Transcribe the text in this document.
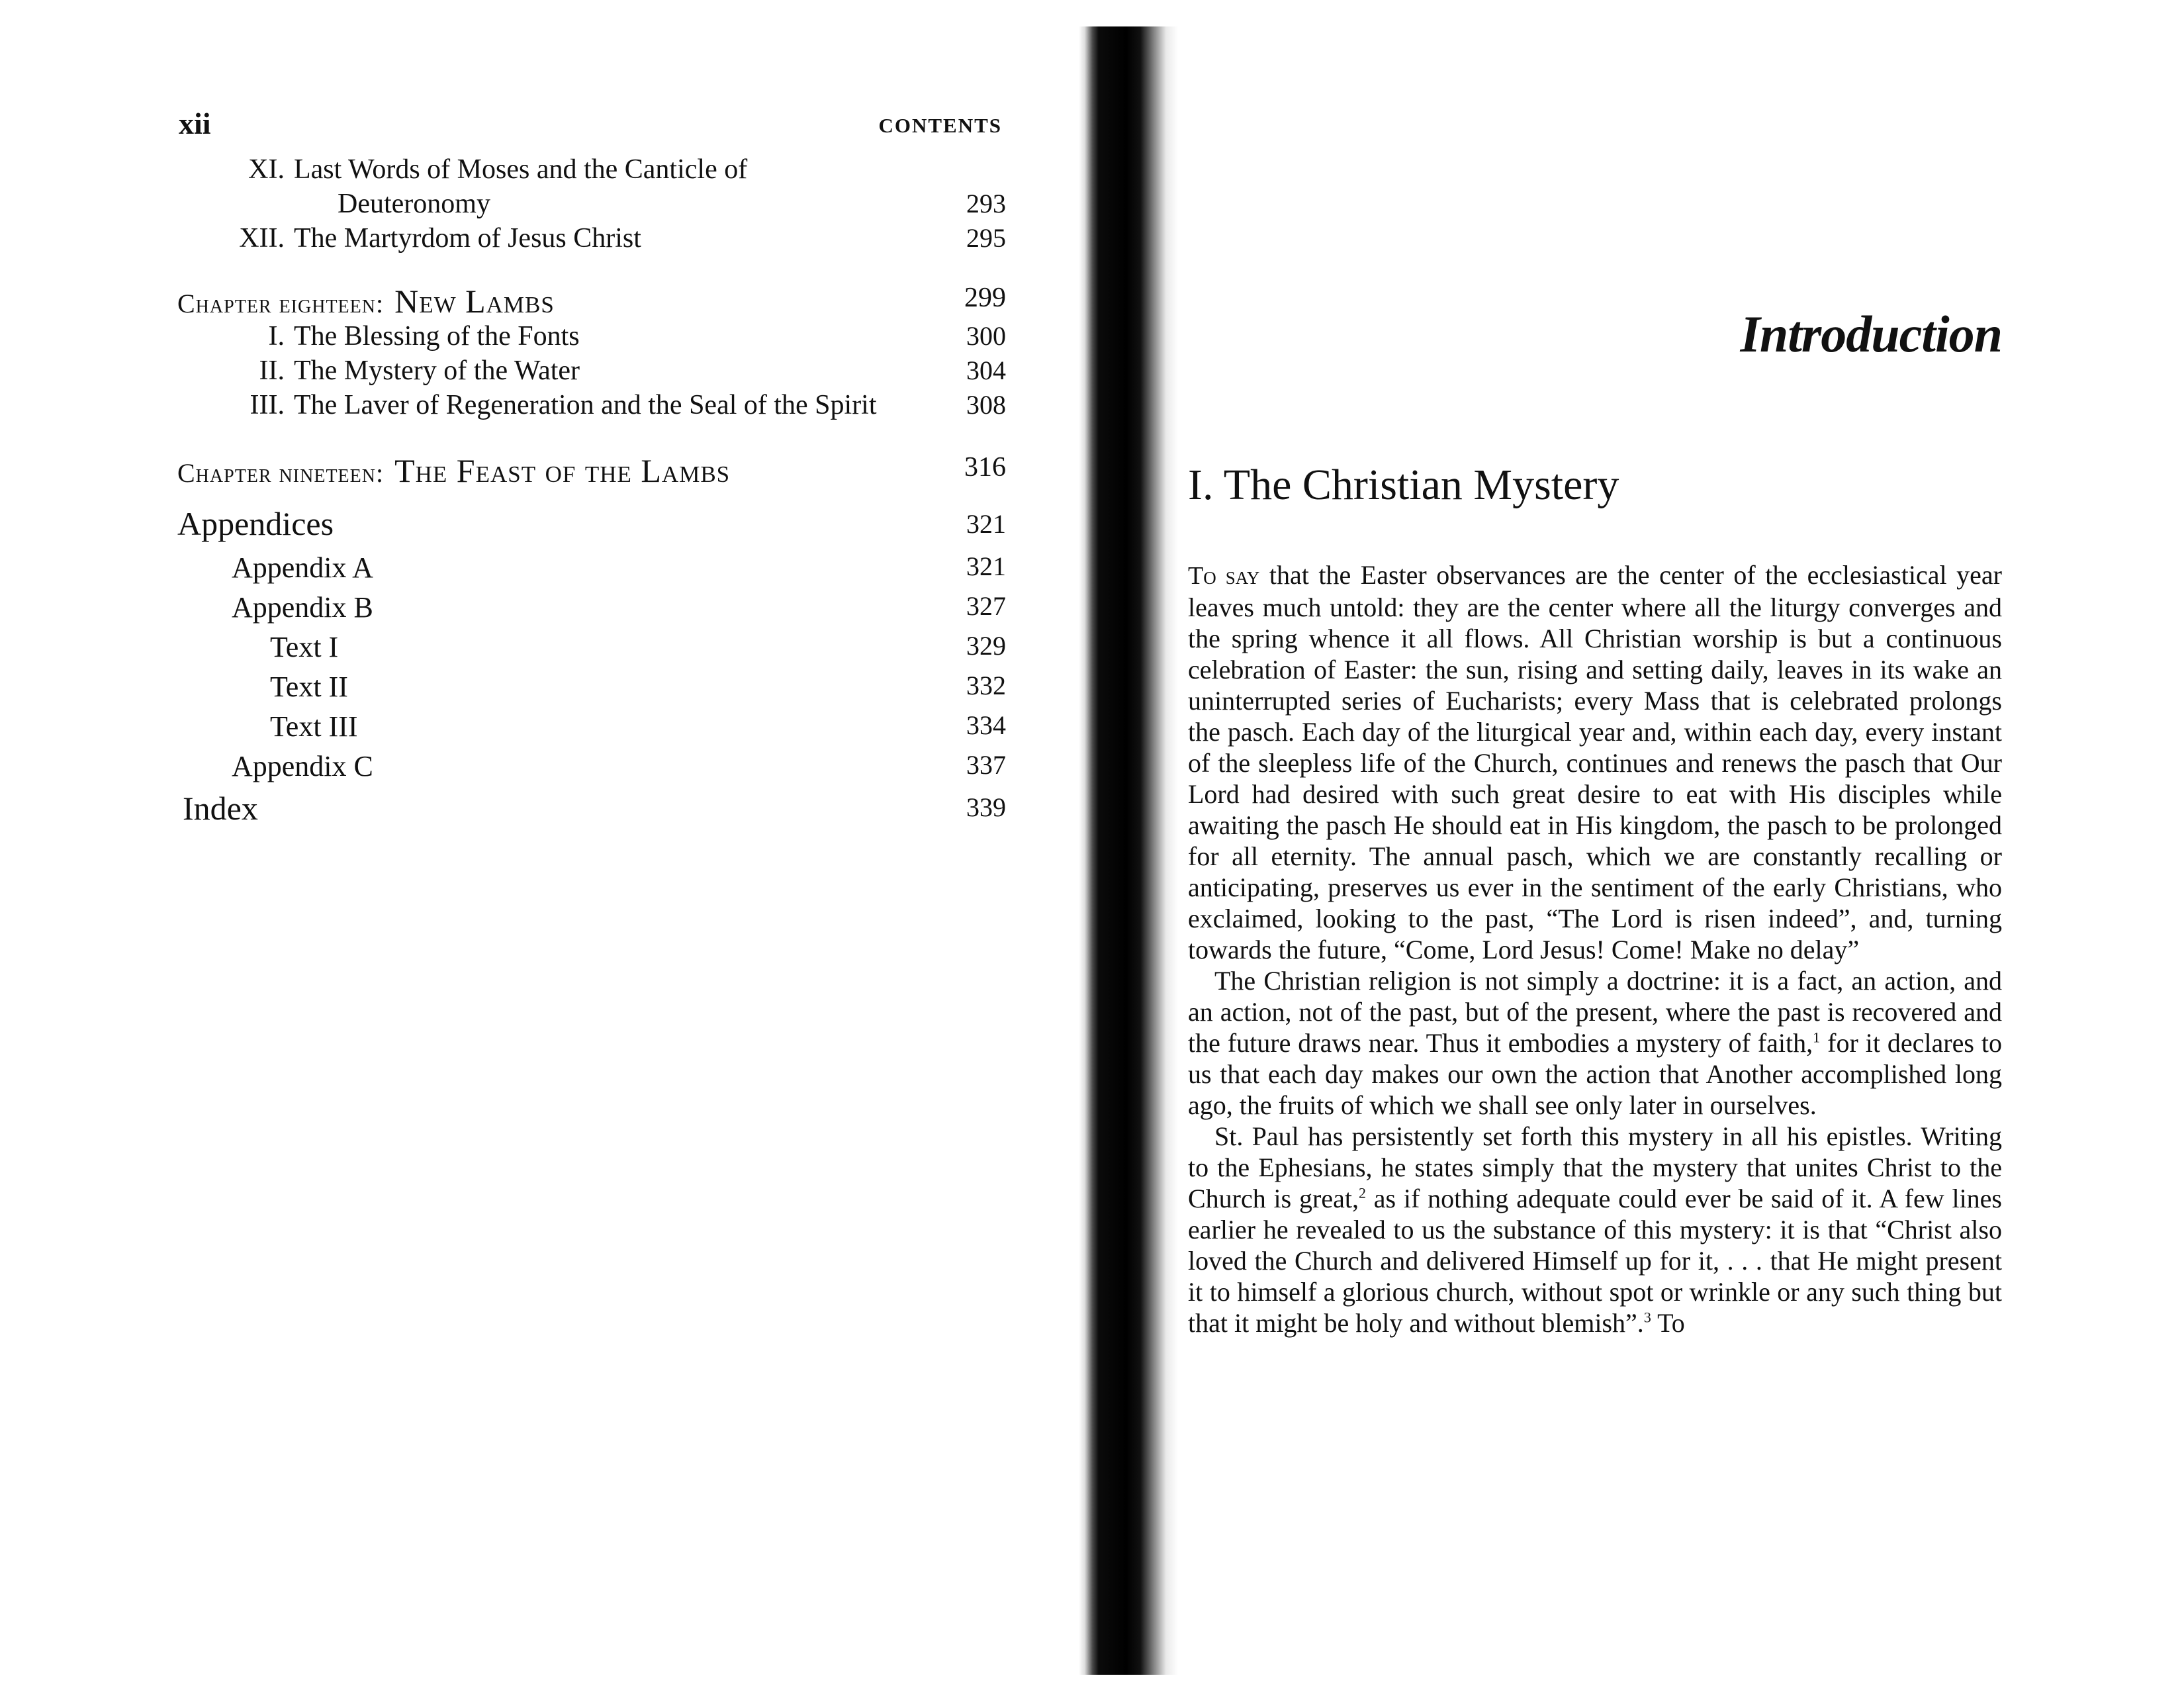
xii	CONTENTS
XI. Last Words of Moses and the Canticle of
Deuteronomy	293
XII. The Martyrdom of Jesus Christ	295
Chapter eighteen: New Lambs	299
I. The Blessing of the Fonts	300
II. The Mystery of the Water	304
III. The Laver of Regeneration and the Seal of the Spirit	308
Chapter nineteen: The Feast of the Lambs	316
Appendices	321
Appendix A	321
Appendix B	327
Text I	329
Text II	332
Text III	334
Appendix C	337
Index	339
Introduction
I. The Christian Mystery

To say that the Easter observances are the center of the ecclesiastical year leaves much untold: they are the center where all the liturgy converges and the spring whence it all flows. All Christian worship is but a continuous celebration of Easter: the sun, rising and setting daily, leaves in its wake an uninterrupted series of Eucharists; every Mass that is celebrated prolongs the pasch. Each day of the liturgical year and, within each day, every instant of the sleepless life of the Church, continues and renews the pasch that Our Lord had desired with such great desire to eat with His disciples while awaiting the pasch He should eat in His kingdom, the pasch to be prolonged for all eternity. The annual pasch, which we are constantly recalling or anticipating, preserves us ever in the sentiment of the early Christians, who exclaimed, looking to the past, “The Lord is risen indeed”, and, turning towards the future, “Come, Lord Jesus! Come! Make no delay”

The Christian religion is not simply a doctrine: it is a fact, an action, and an action, not of the past, but of the present, where the past is recovered and the future draws near. Thus it embodies a mystery of faith,$^1$ for it declares to us that each day makes our own the action that Another accomplished long ago, the fruits of which we shall see only later in ourselves.

St. Paul has persistently set forth this mystery in all his epistles. Writing to the Ephesians, he states simply that the mystery that unites Christ to the Church is great,$^2$ as if nothing adequate could ever be said of it. A few lines earlier he revealed to us the substance of this mystery: it is that “Christ also loved the Church and delivered Himself up for it, . . . that He might present it to himself a glorious church, without spot or wrinkle or any such thing but that it might be holy and without blemish”.$^3$ To
